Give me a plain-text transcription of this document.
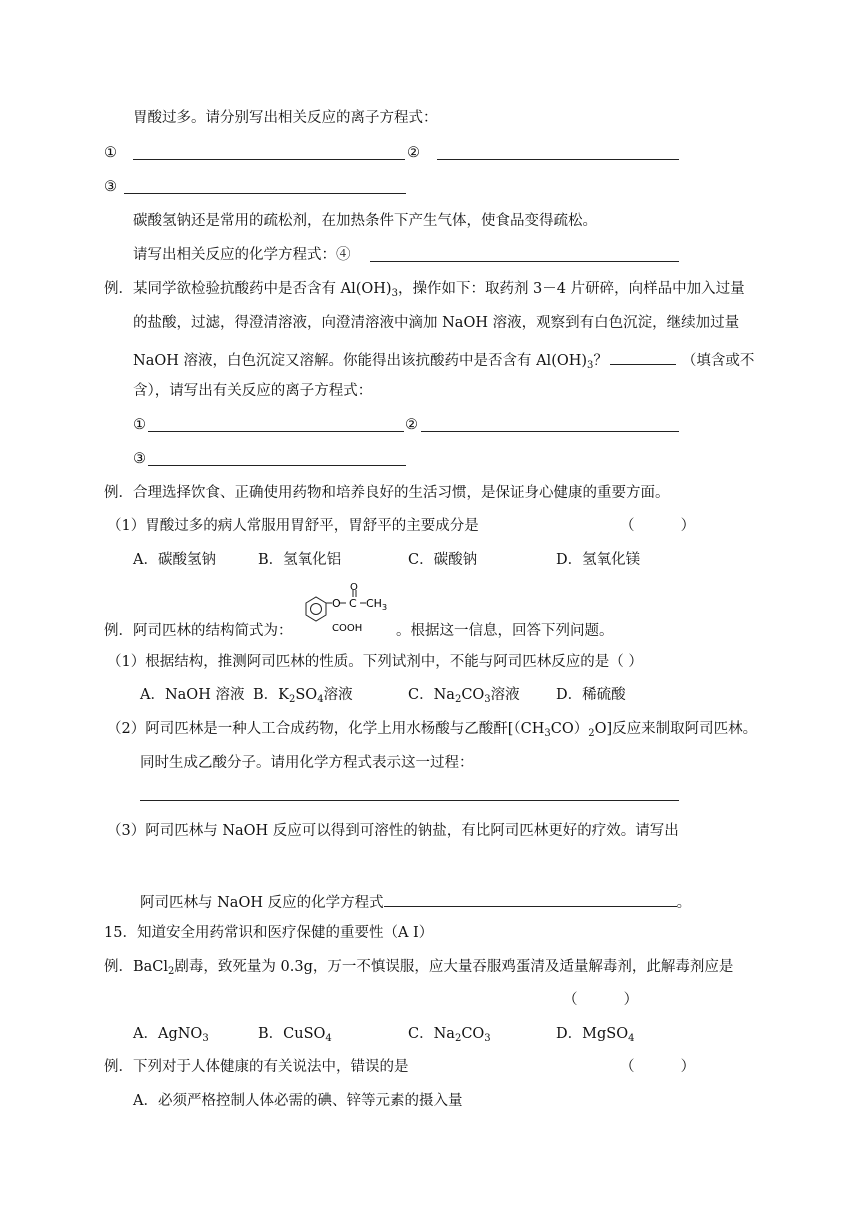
胃酸过多。请分别写出相关反应的离子方程式：
①	②
③
碳酸氢钠还是常用的疏松剂，在加热条件下产生气体，使食品变得疏松。
请写出相关反应的化学方程式：④
例．某同学欲检验抗酸药中是否含有 $Al(OH)_3$，操作如下：取药剂 3－4 片研碎，向样品中加入过量
的盐酸，过滤，得澄清溶液，向澄清溶液中滴加 NaOH 溶液，观察到有白色沉淀，继续加过量
NaOH 溶液，白色沉淀又溶解。你能得出该抗酸药中是否含有 $Al(OH)_3$？	（填含或不
含），请写出有关反应的离子方程式：
①	②
③
例．合理选择饮食、正确使用药物和培养良好的生活习惯，是保证身心健康的重要方面。
（1）胃酸过多的病人常服用胃舒平，胃舒平的主要成分是	（          ）
A．碳酸氢钠	B．氢氧化铝	C．碳酸钠	D．氢氧化镁
例．阿司匹林的结构简式为：
O
O
C CH 3
COOH 。根据这一信息，回答下列问题。
（1）根据结构，推测阿司匹林的性质。下列试剂中，不能与阿司匹林反应的是（ ）
A．NaOH 溶液 B．$K_2SO_4$溶液	C．$Na_2CO_3$溶液	D．稀硫酸
（2）阿司匹林是一种人工合成药物，化学上用水杨酸与乙酸酐$[(CH_3CO)_2O]$反应来制取阿司匹林。
同时生成乙酸分子。请用化学方程式表示这一过程：
（3）阿司匹林与 NaOH 反应可以得到可溶性的钠盐，有比阿司匹林更好的疗效。请写出
阿司匹林与 NaOH 反应的化学方程式	。
15．知道安全用药常识和医疗保健的重要性（A I）
例．BaCl$_2$剧毒，致死量为 0.3g，万一不慎误服，应大量吞服鸡蛋清及适量解毒剂，此解毒剂应是
（          ）
A．AgNO$_3$	B．CuSO$_4$	C．$Na_2CO_3$	D．MgSO$_4$
例．下列对于人体健康的有关说法中，错误的是	（          ）
A．必须严格控制人体必需的碘、锌等元素的摄入量
